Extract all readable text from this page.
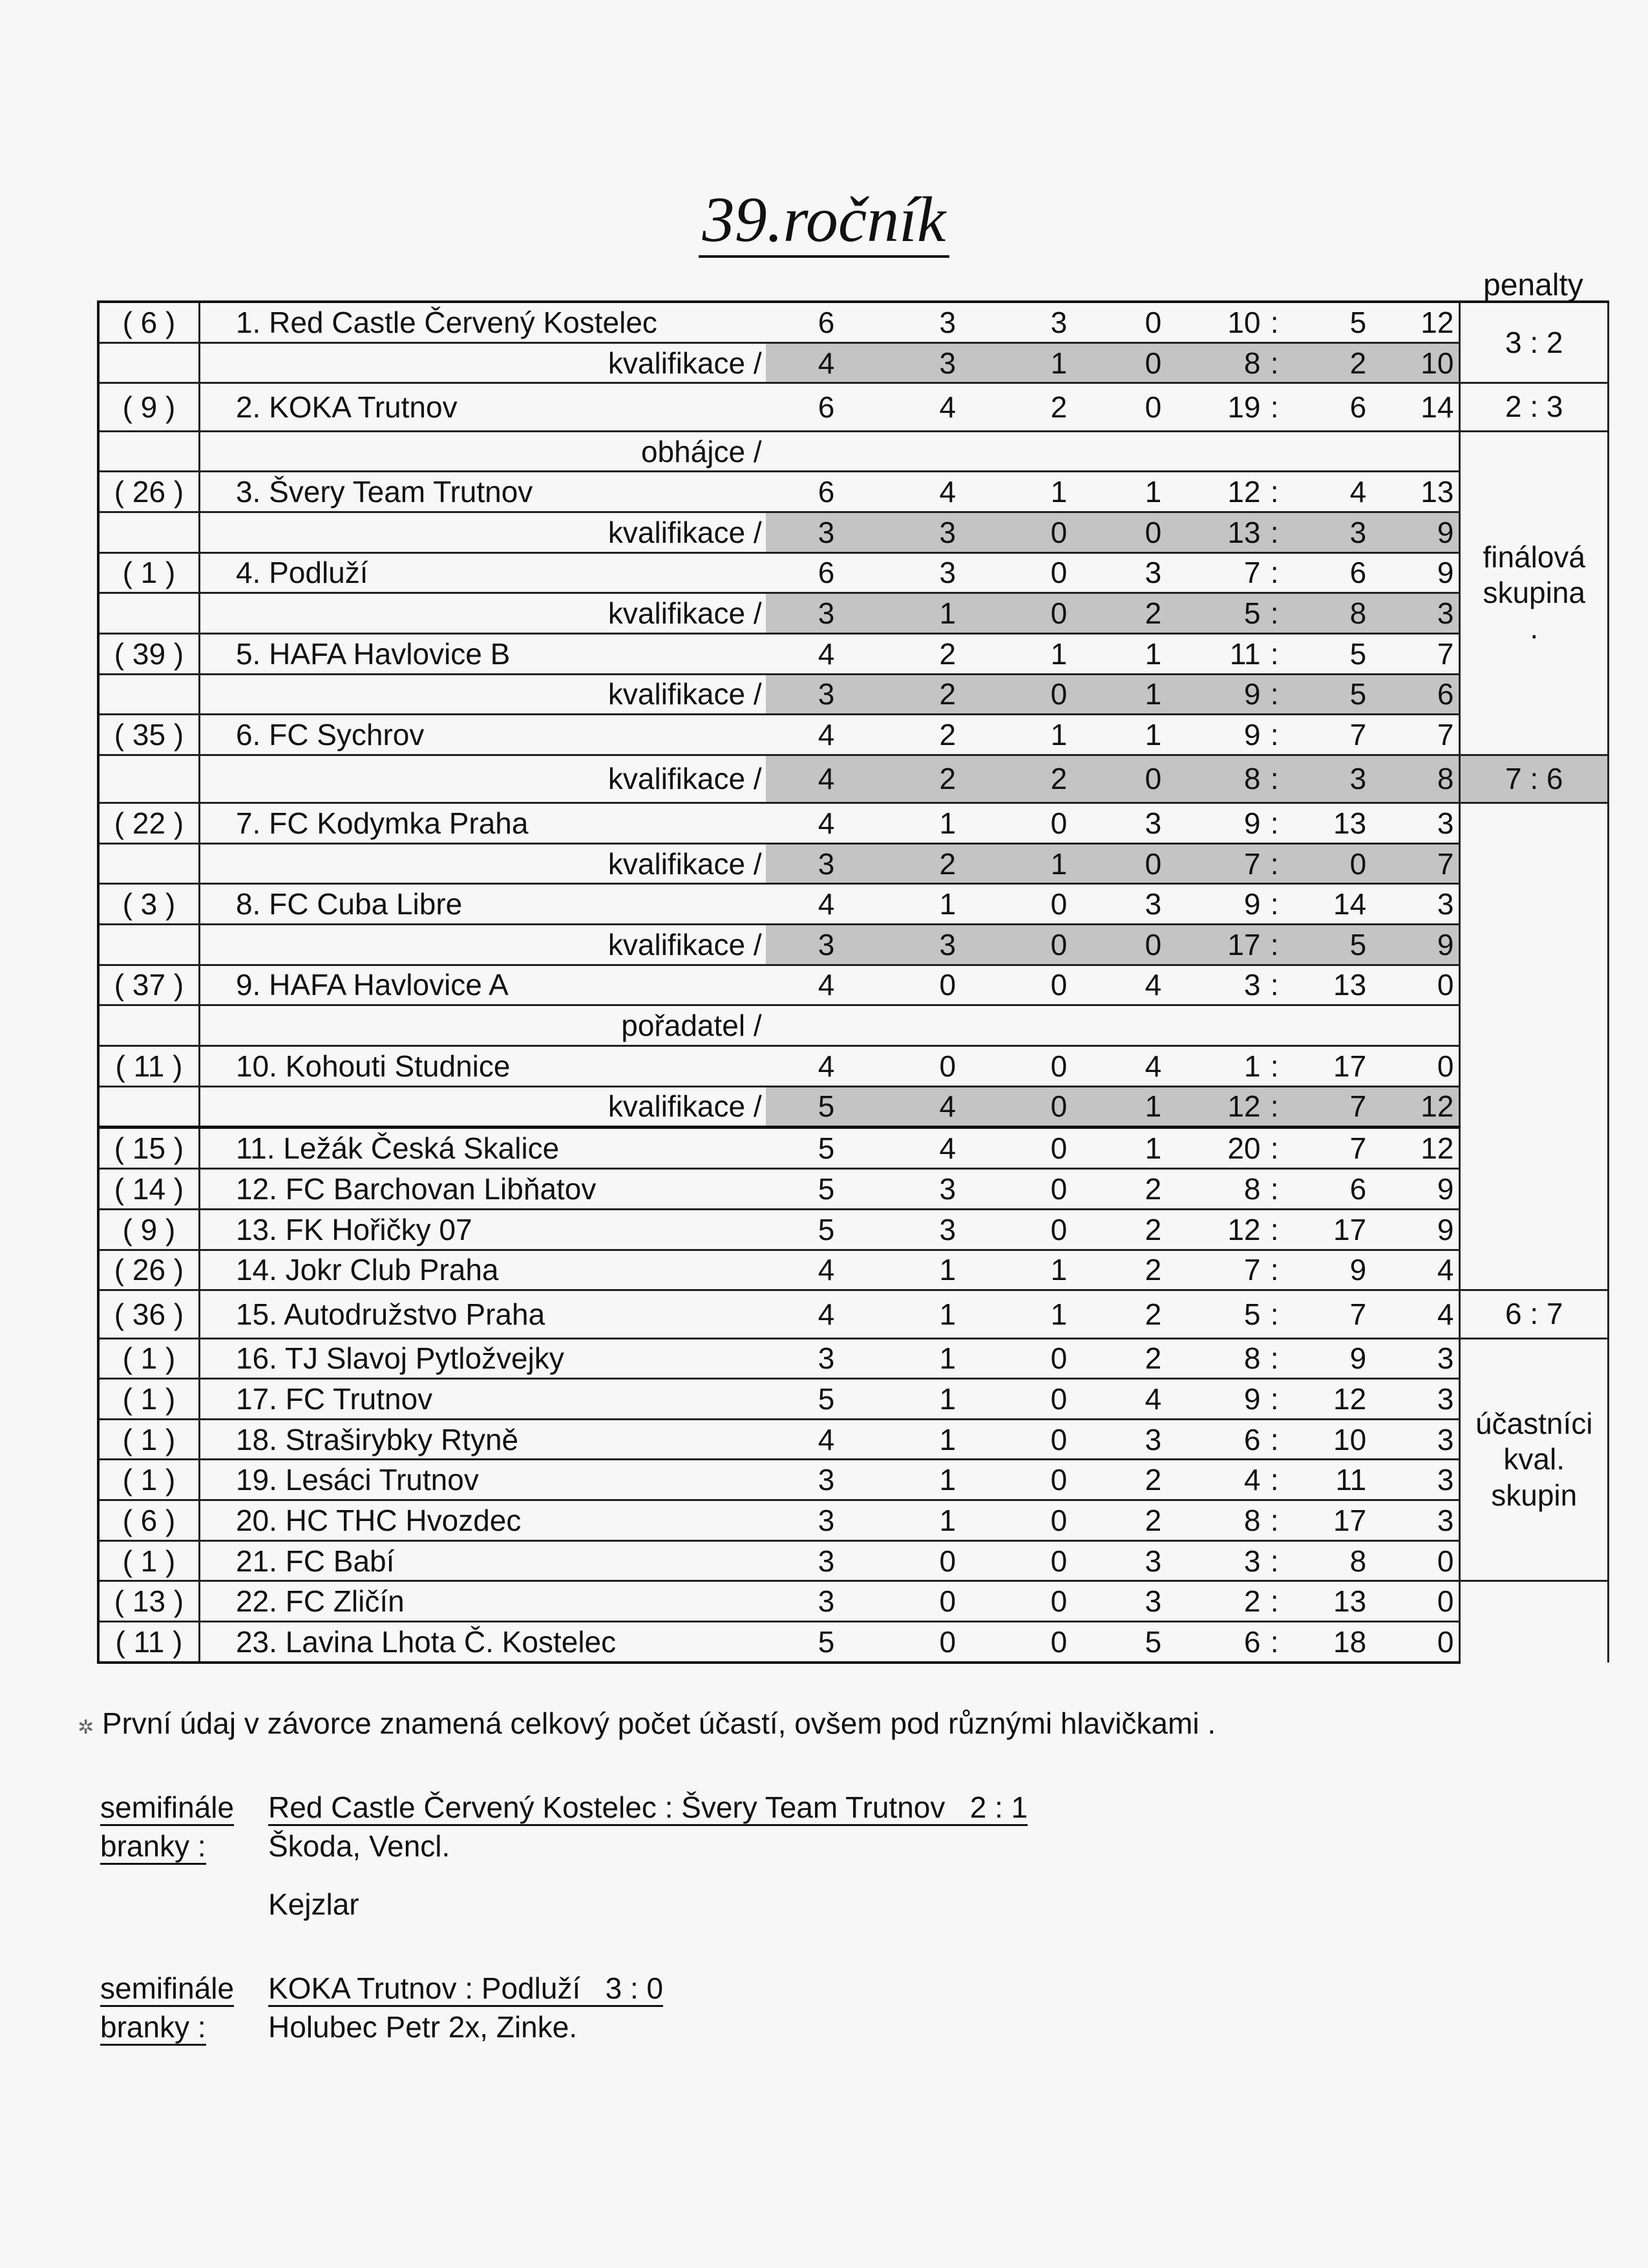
39.ročník
penalty
( 6 )	1. Red Castle Červený Kostelec	6	3	3	0	10	:	5	12	3 : 2

	kvalifikace /	4	3	1	0	8	:	2	10	
( 9 )	2. KOKA Trutnov	6	4	2	0	19	:	6	14	2 : 3

	obhájce /									finálová
skupina
.

( 26 )	3. Švery Team Trutnov	6	4	1	1	12	:	4	13	
	kvalifikace /	3	3	0	0	13	:	3	9	
( 1 )	4. Podluží	6	3	0	3	7	:	6	9	
	kvalifikace /	3	1	0	2	5	:	8	3	
( 39 )	5. HAFA Havlovice B	4	2	1	1	11	:	5	7	
	kvalifikace /	3	2	0	1	9	:	5	6	
( 35 )	6. FC Sychrov	4	2	1	1	9	:	7	7	
	kvalifikace /	4	2	2	0	8	:	3	8	7 : 6

( 22 )	7. FC Kodymka Praha	4	1	0	3	9	:	13	3	
	kvalifikace /	3	2	1	0	7	:	0	7	
( 3 )	8. FC Cuba Libre	4	1	0	3	9	:	14	3	
	kvalifikace /	3	3	0	0	17	:	5	9	
( 37 )	9. HAFA Havlovice A	4	0	0	4	3	:	13	0	
	pořadatel /									
( 11 )	10. Kohouti Studnice	4	0	0	4	1	:	17	0	
	kvalifikace /	5	4	0	1	12	:	7	12	
( 15 )	11. Ležák Česká Skalice	5	4	0	1	20	:	7	12	
( 14 )	12. FC Barchovan Libňatov	5	3	0	2	8	:	6	9	
( 9 )	13. FK Hořičky 07	5	3	0	2	12	:	17	9	
( 26 )	14. Jokr Club Praha	4	1	1	2	7	:	9	4	
( 36 )	15. Autodružstvo Praha	4	1	1	2	5	:	7	4	6 : 7

( 1 )	16. TJ Slavoj Pytložvejky	3	1	0	2	8	:	9	3	účastníci
kval.
skupin

( 1 )	17. FC Trutnov	5	1	0	4	9	:	12	3	
( 1 )	18. Straširybky Rtyně	4	1	0	3	6	:	10	3	
( 1 )	19. Lesáci Trutnov	3	1	0	2	4	:	11	3	
( 6 )	20. HC THC Hvozdec	3	1	0	2	8	:	17	3	
( 1 )	21. FC Babí	3	0	0	3	3	:	8	0	
( 13 )	22. FC Zličín	3	0	0	3	2	:	13	0	
( 11 )	23. Lavina Lhota Č. Kostelec	5	0	0	5	6	:	18	0	
✲ První údaj v závorce znamená celkový počet účastí, ovšem pod různými hlavičkami .
semifinále Red Castle Červený Kostelec : Švery Team Trutnov 2 : 1
branky : Škoda, Vencl.
Kejzlar
semifinále KOKA Trutnov : Podluží 3 : 0
branky : Holubec Petr 2x, Zinke.
